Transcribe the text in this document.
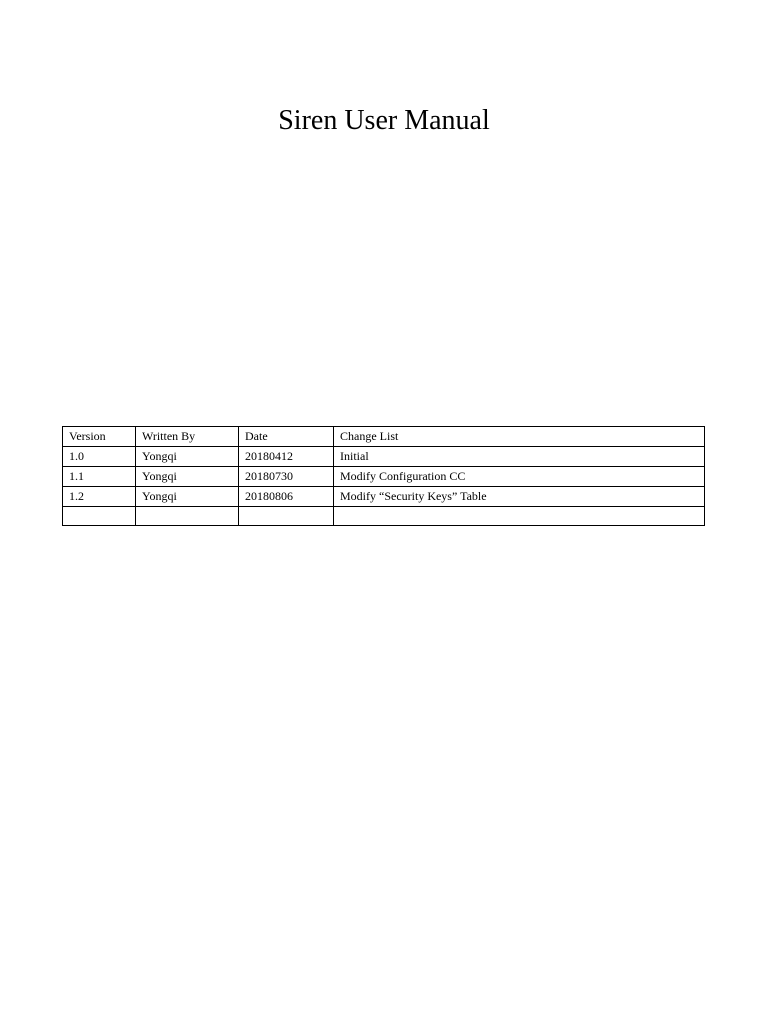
Siren User Manual
Version	Written By	Date	Change List
1.0	Yongqi	20180412	Initial
1.1	Yongqi	20180730	Modify Configuration CC
1.2	Yongqi	20180806	Modify “Security Keys” Table
